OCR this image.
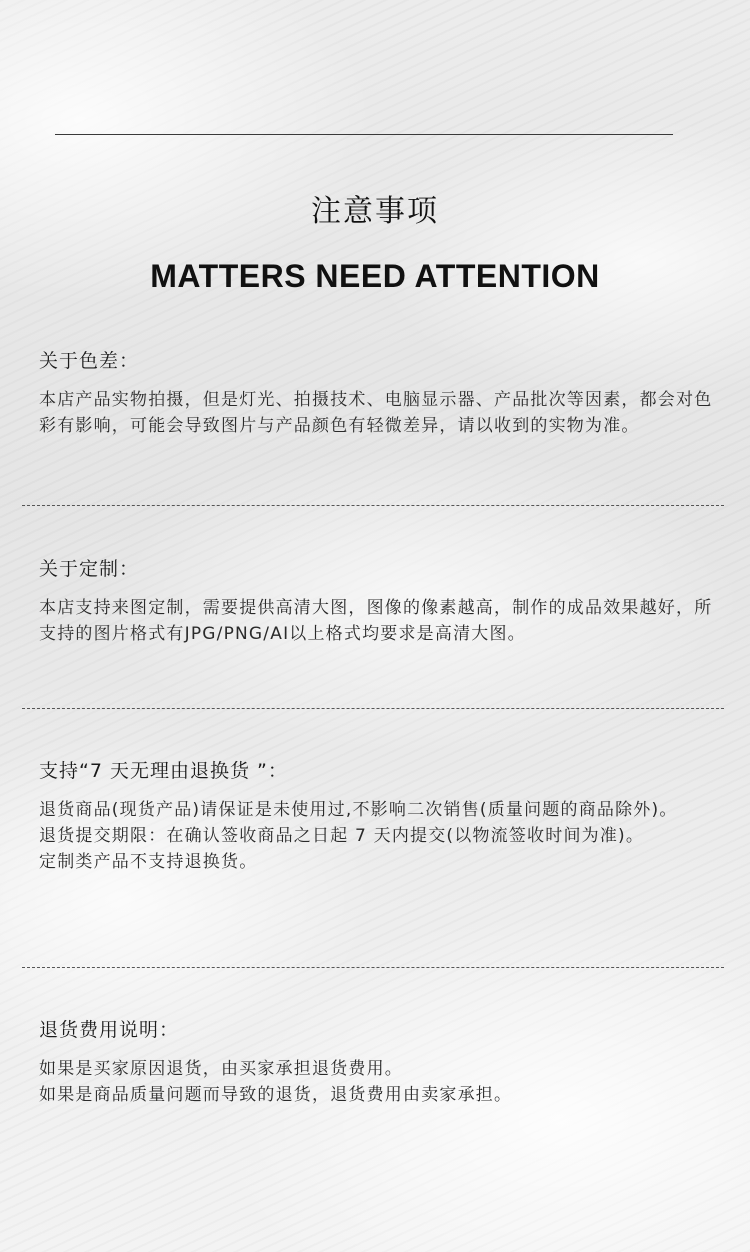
注意事项
MATTERS NEED ATTENTION
关于色差：
本店产品实物拍摄，但是灯光、拍摄技术、电脑显示器、产品批次等因素，都会对色彩有影响，可能会导致图片与产品颜色有轻微差异，请以收到的实物为准。
关于定制：
本店支持来图定制，需要提供高清大图，图像的像素越高，制作的成品效果越好，所支持的图片格式有JPG/PNG/AI以上格式均要求是高清大图。
支持“7 天无理由退换货 ”：
退货商品(现货产品)请保证是未使用过,不影响二次销售(质量问题的商品除外)。
退货提交期限：在确认签收商品之日起 7 天内提交(以物流签收时间为准)。
定制类产品不支持退换货。
退货费用说明：
如果是买家原因退货，由买家承担退货费用。
如果是商品质量问题而导致的退货，退货费用由卖家承担。
